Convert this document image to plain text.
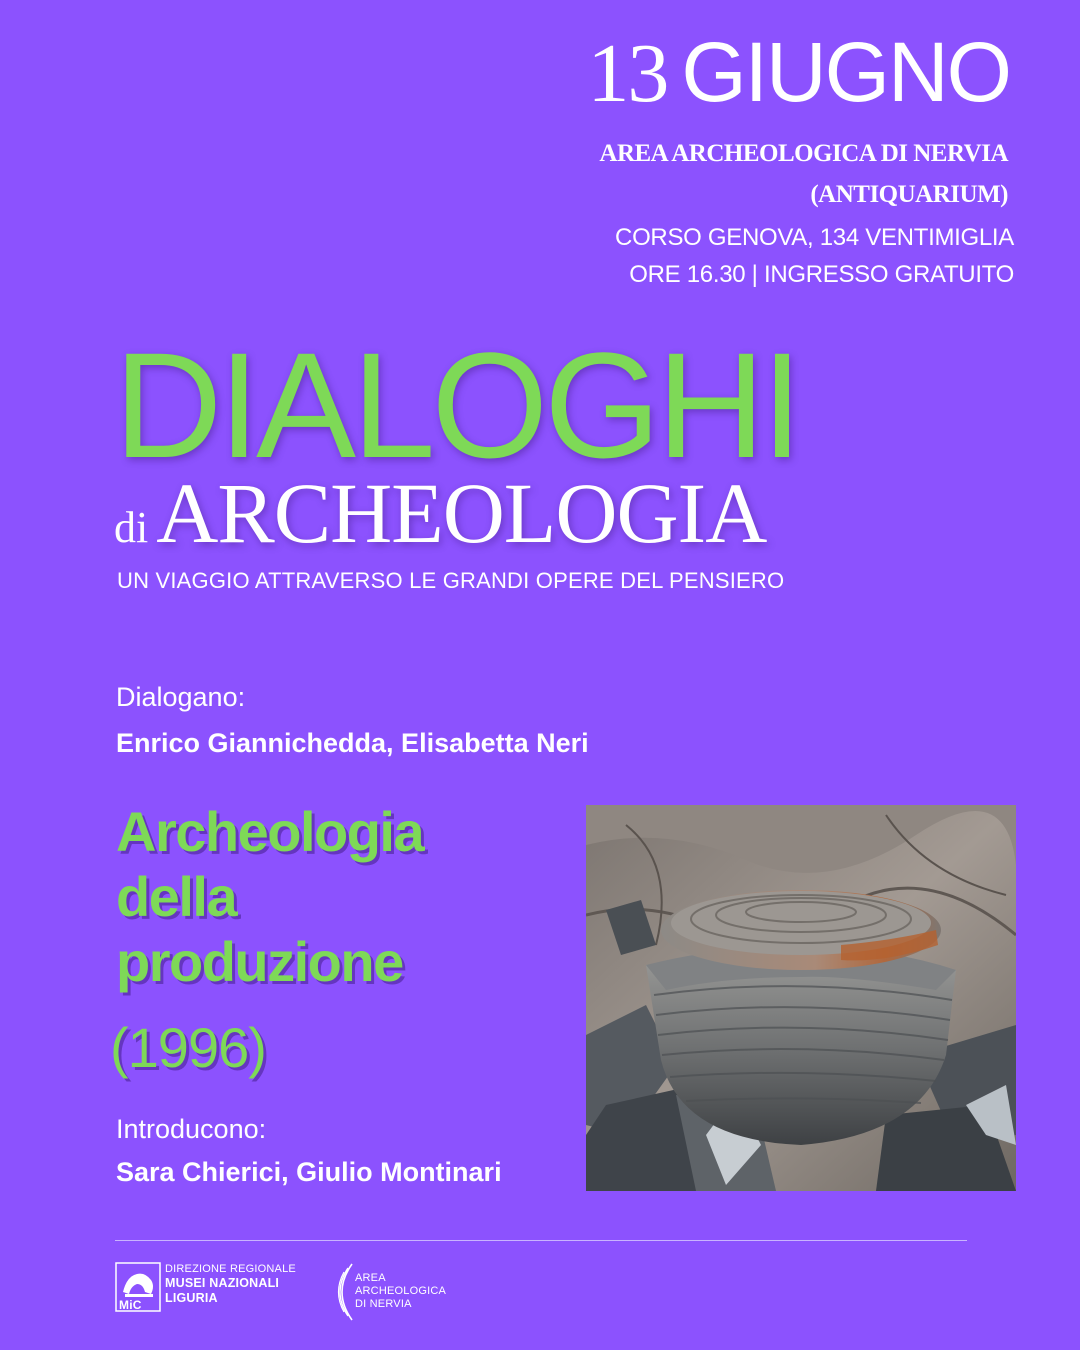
13 GIUGNO
AREA ARCHEOLOGICA DI NERVIA
(ANTIQUARIUM)
CORSO GENOVA, 134 VENTIMIGLIA
ORE 16.30 | INGRESSO GRATUITO
DIALOGHI
diARCHEOLOGIA
UN VIAGGIO ATTRAVERSO LE GRANDI OPERE DEL PENSIERO
Dialogano:
Enrico Giannichedda, Elisabetta Neri
Archeologia della produzione
(1996)
Introducono:
Sara Chierici, Giulio Montinari
MiC
DIREZIONE REGIONALE
MUSEI NAZIONALI
LIGURIA
AREA
ARCHEOLOGICA
DI NERVIA
